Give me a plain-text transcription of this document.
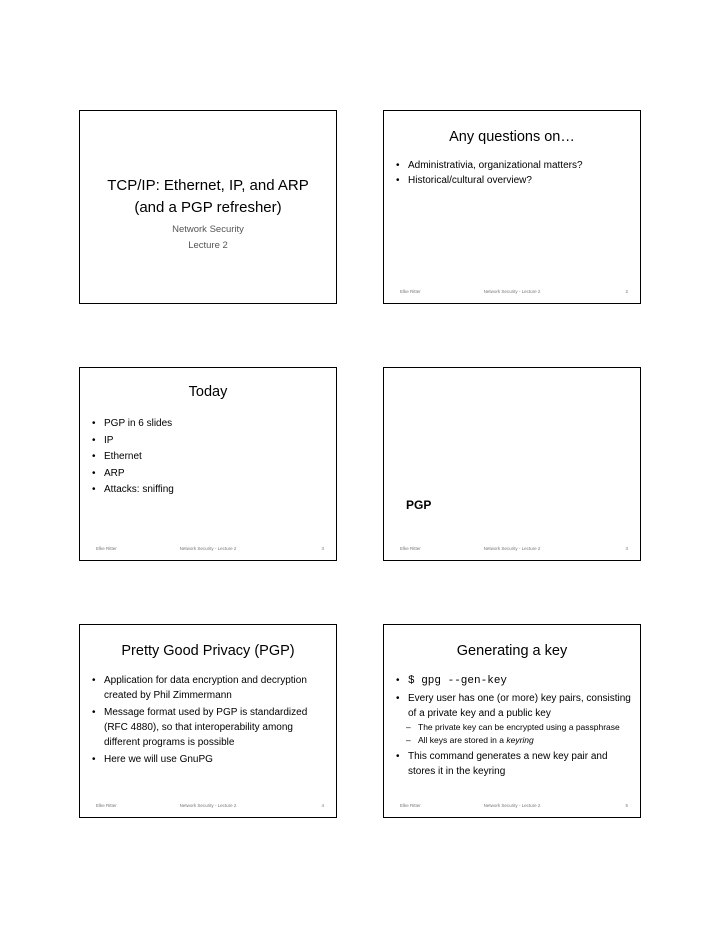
TCP/IP: Ethernet, IP, and ARP
(and a PGP refresher)
Network Security
Lecture 2
Any questions on…
• Administrativia, organizational matters?
• Historical/cultural overview?
Elke Ritter	Network Security - Lecture 2	2
Today
• PGP in 6 slides
• IP
• Ethernet
• ARP
• Attacks: sniffing
Elke Ritter	Network Security - Lecture 2	3
PGP
Elke Ritter	Network Security - Lecture 2	3
Pretty Good Privacy (PGP)
• Application for data encryption and decryption created by Phil Zimmermann
• Message format used by PGP is standardized (RFC 4880), so that interoperability among different programs is possible
• Here we will use GnuPG
Elke Ritter	Network Security - Lecture 2	4
Generating a key
• $ gpg --gen-key
• Every user has one (or more) key pairs, consisting of a private key and a public key
– The private key can be encrypted using a passphrase
– All keys are stored in a keyring
• This command generates a new key pair and stores it in the keyring
Elke Ritter	Network Security - Lecture 2	5
